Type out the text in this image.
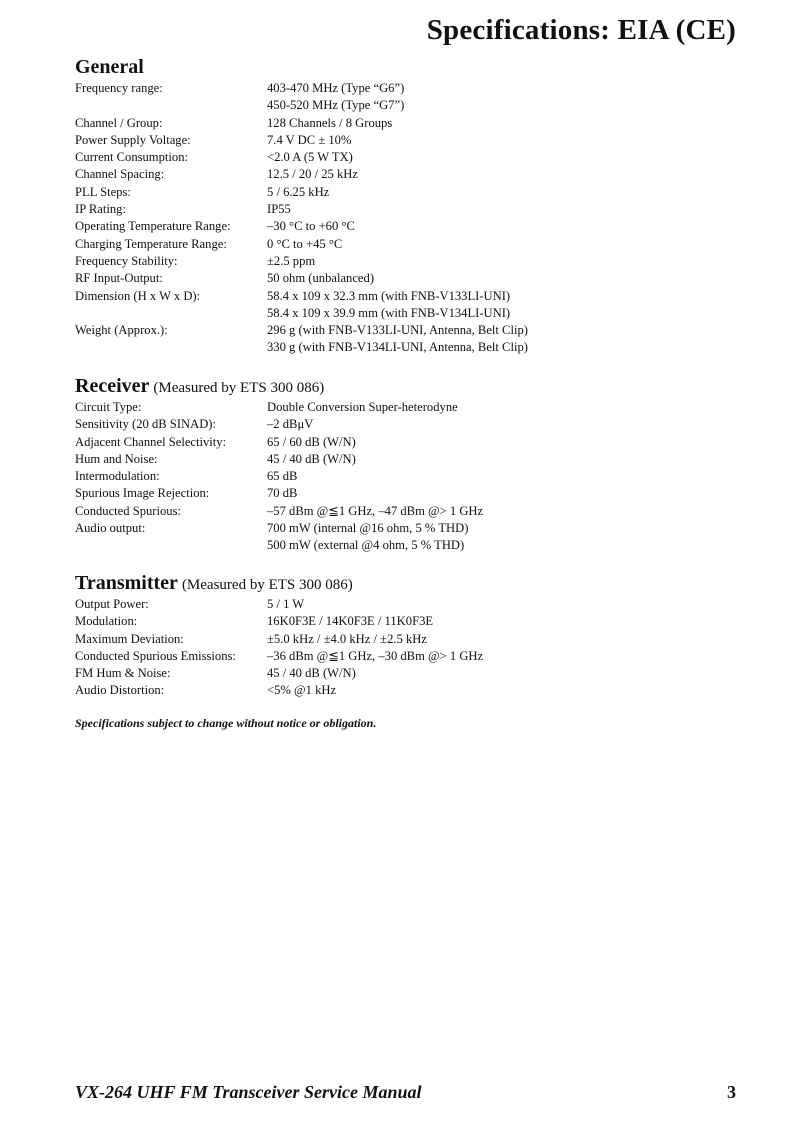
Specifications: EIA (CE)
General
Frequency range:	403-470 MHz (Type “G6”)
450-520 MHz (Type “G7”)
Channel / Group:	128 Channels / 8 Groups
Power Supply Voltage:	7.4 V DC ± 10%
Current Consumption:	<2.0 A (5 W TX)
Channel Spacing:	12.5 / 20 / 25 kHz
PLL Steps:	5 / 6.25 kHz
IP Rating:	IP55
Operating Temperature Range:	–30 °C to +60 °C
Charging Temperature Range:	0 °C to +45 °C
Frequency Stability:	±2.5 ppm
RF Input-Output:	50 ohm (unbalanced)
Dimension (H x W x D):	58.4 x 109 x 32.3 mm (with FNB-V133LI-UNI)
58.4 x 109 x 39.9 mm (with FNB-V134LI-UNI)
Weight (Approx.):	296 g (with FNB-V133LI-UNI, Antenna, Belt Clip)
330 g (with FNB-V134LI-UNI, Antenna, Belt Clip)
Receiver (Measured by ETS 300 086)
Circuit Type:	Double Conversion Super-heterodyne
Sensitivity (20 dB SINAD):	–2 dBμV
Adjacent Channel Selectivity:	65 / 60 dB (W/N)
Hum and Noise:	45 / 40 dB (W/N)
Intermodulation:	65 dB
Spurious Image Rejection:	70 dB
Conducted Spurious:	–57 dBm @≦1 GHz, –47 dBm @> 1 GHz
Audio output:	700 mW (internal @16 ohm, 5 % THD)
500 mW (external @4 ohm, 5 % THD)
Transmitter (Measured by ETS 300 086)
Output Power:	5 / 1 W
Modulation:	16K0F3E / 14K0F3E / 11K0F3E
Maximum Deviation:	±5.0 kHz / ±4.0 kHz / ±2.5 kHz
Conducted Spurious Emissions: –36 dBm @≦1 GHz, –30 dBm @> 1 GHz
FM Hum & Noise:	45 / 40 dB (W/N)
Audio Distortion:	<5% @1 kHz
Specifications subject to change without notice or obligation.
VX-264 UHF FM Transceiver Service Manual	3
